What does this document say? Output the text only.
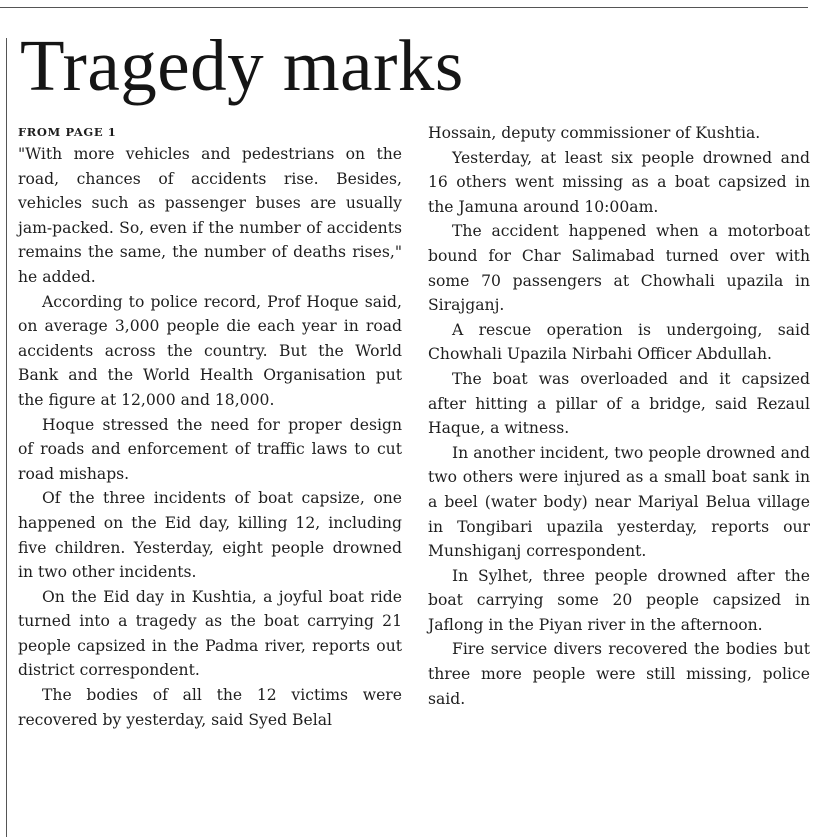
Tragedy marks
FROM PAGE 1

"With more vehicles and pedestrians on the road, chances of accidents rise. Besides, vehicles such as passenger buses are usually jam-packed. So, even if the number of accidents remains the same, the number of deaths rises," he added.

According to police record, Prof Hoque said, on average 3,000 people die each year in road accidents across the country. But the World Bank and the World Health Organisation put the figure at 12,000 and 18,000.

Hoque stressed the need for proper design of roads and enforcement of traffic laws to cut road mishaps.

Of the three incidents of boat capsize, one happened on the Eid day, killing 12, including five children. Yesterday, eight people drowned in two other incidents.

On the Eid day in Kushtia, a joyful boat ride turned into a tragedy as the boat carrying 21 people capsized in the Padma river, reports out district correspondent.

The bodies of all the 12 victims were recovered by yesterday, said Syed Belal

Hossain, deputy commissioner of Kushtia.

Yesterday, at least six people drowned and 16 others went missing as a boat capsized in the Jamuna around 10:00am.

The accident happened when a motorboat bound for Char Salimabad turned over with some 70 passengers at Chowhali upazila in Sirajganj.

A rescue operation is undergoing, said Chowhali Upazila Nirbahi Officer Abdullah.

The boat was overloaded and it capsized after hitting a pillar of a bridge, said Rezaul Haque, a witness.

In another incident, two people drowned and two others were injured as a small boat sank in a beel (water body) near Mariyal Belua village in Tongibari upazila yesterday, reports our Munshiganj correspondent.

In Sylhet, three people drowned after the boat carrying some 20 people capsized in Jaflong in the Piyan river in the afternoon.

Fire service divers recovered the bodies but three more people were still missing, police said.
